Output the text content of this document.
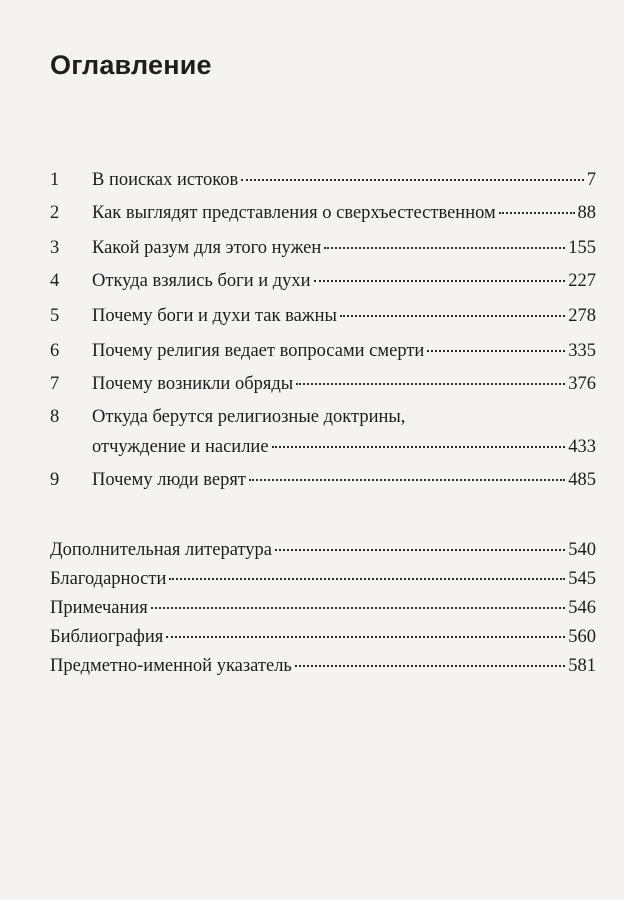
Оглавление
1	В поисках истоков	7
2	Как выглядят представления о сверхъестественном	88
3	Какой разум для этого нужен	155
4	Откуда взялись боги и духи	227
5	Почему боги и духи так важны	278
6	Почему религия ведает вопросами смерти	335
7	Почему возникли обряды	376
8	Откуда берутся религиозные доктрины,
отчуждение и насилие	433
9	Почему люди верят	485
Дополнительная литература	540
Благодарности	545
Примечания	546
Библиография	560
Предметно-именной указатель	581
